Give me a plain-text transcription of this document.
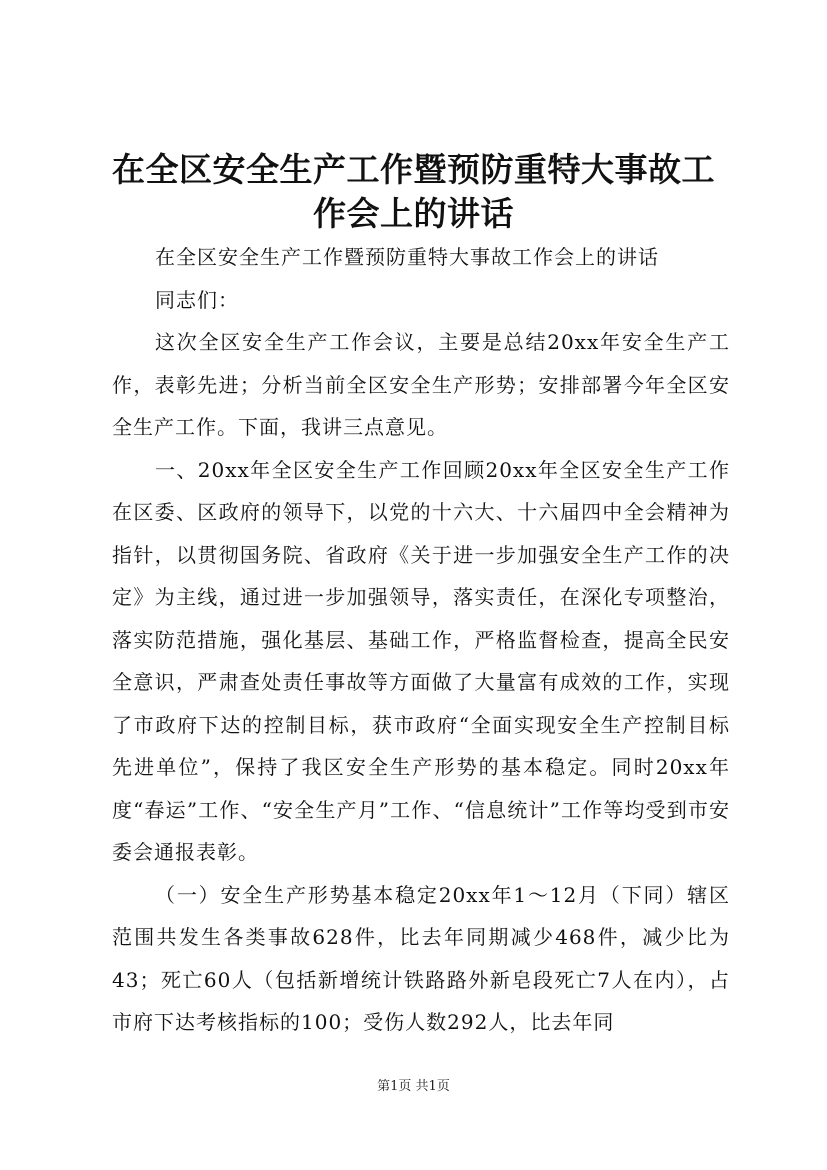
在全区安全生产工作暨预防重特大事故工作会上的讲话

在全区安全生产工作暨预防重特大事故工作会上的讲话

同志们：

这次全区安全生产工作会议，主要是总结20xx年安全生产工作，表彰先进；分析当前全区安全生产形势；安排部署今年全区安全生产工作。下面，我讲三点意见。

一、20xx年全区安全生产工作回顾20xx年全区安全生产工作在区委、区政府的领导下，以党的十六大、十六届四中全会精神为指针，以贯彻国务院、省政府《关于进一步加强安全生产工作的决定》为主线，通过进一步加强领导，落实责任，在深化专项整治，落实防范措施，强化基层、基础工作，严格监督检查，提高全民安全意识，严肃查处责任事故等方面做了大量富有成效的工作，实现了市政府下达的控制目标，获市政府“全面实现安全生产控制目标先进单位”，保持了我区安全生产形势的基本稳定。同时20xx年度“春运”工作、“安全生产月”工作、“信息统计”工作等均受到市安委会通报表彰。

（一）安全生产形势基本稳定20xx年1～12月（下同）辖区范围共发生各类事故628件，比去年同期减少468件，减少比为43；死亡60人（包括新增统计铁路路外新皂段死亡7人在内），占市府下达考核指标的100；受伤人数292人，比去年同

第1页 共1页
